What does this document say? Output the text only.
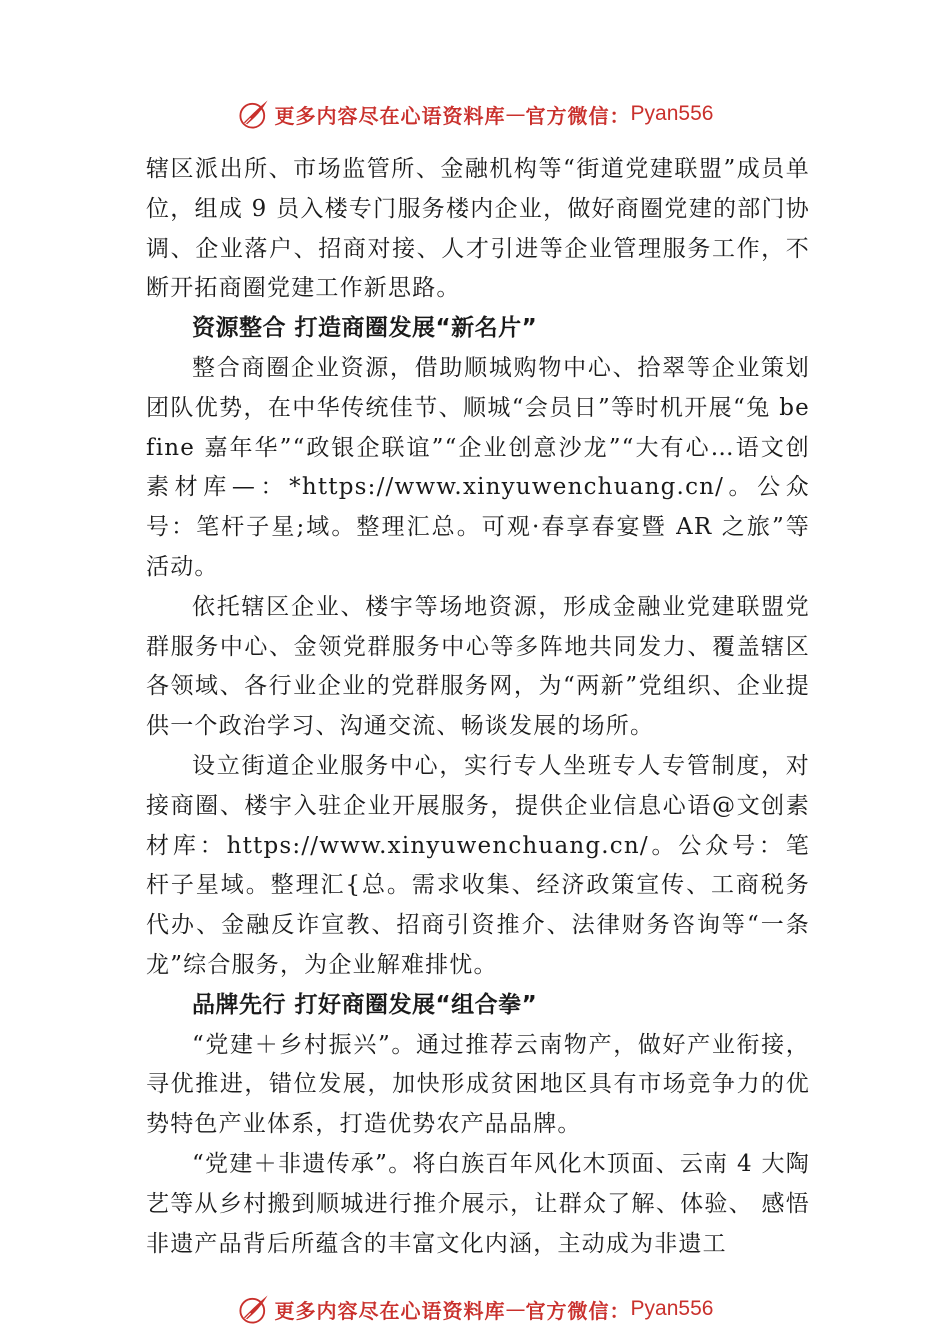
更多内容尽在心语资料库 — 官方微信： Pyan556

辖区派出所、市场监管所、金融机构等“街道党建联盟”成员单位，组成 9 员入楼专门服务楼内企业，做好商圈党建的部门协调、企业落户、招商对接、人才引进等企业管理服务工作，不断开拓商圈党建工作新思路。

资源整合 打造商圈发展“新名片”

整合商圈企业资源，借助顺城购物中心、拾翠等企业策划团队优势，在中华传统佳节、顺城“会员日”等时机开展“兔 be fine 嘉年华”“政银企联谊”“企业创意沙龙”“大有心…语文创素材库—：*https://www.xinyuwenchuang.cn/。公众号：笔杆子星;域。整理汇总。可观·春享春宴暨 AR 之旅”等活动。

依托辖区企业、楼宇等场地资源，形成金融业党建联盟党群服务中心、金领党群服务中心等多阵地共同发力、覆盖辖区各领域、各行业企业的党群服务网，为“两新”党组织、企业提供一个政治学习、沟通交流、畅谈发展的场所。

设立街道企业服务中心，实行专人坐班专人专管制度，对接商圈、楼宇入驻企业开展服务，提供企业信息心语@文创素材库：https://www.xinyuwenchuang.cn/。公众号：笔杆子星域。整理汇{总。需求收集、经济政策宣传、工商税务代办、金融反诈宣教、招商引资推介、法律财务咨询等“一条龙”综合服务，为企业解难排忧。

品牌先行 打好商圈发展“组合拳”

“党建＋乡村振兴”。通过推荐云南物产，做好产业衔接，寻优推进，错位发展，加快形成贫困地区具有市场竞争力的优势特色产业体系，打造优势农产品品牌。

“党建＋非遗传承”。将白族百年风化木顶面、云南 4 大陶艺等从乡村搬到顺城进行推介展示，让群众了解、体验、 感悟非遗产品背后所蕴含的丰富文化内涵，主动成为非遗工

更多内容尽在心语资料库 — 官方微信： Pyan556
